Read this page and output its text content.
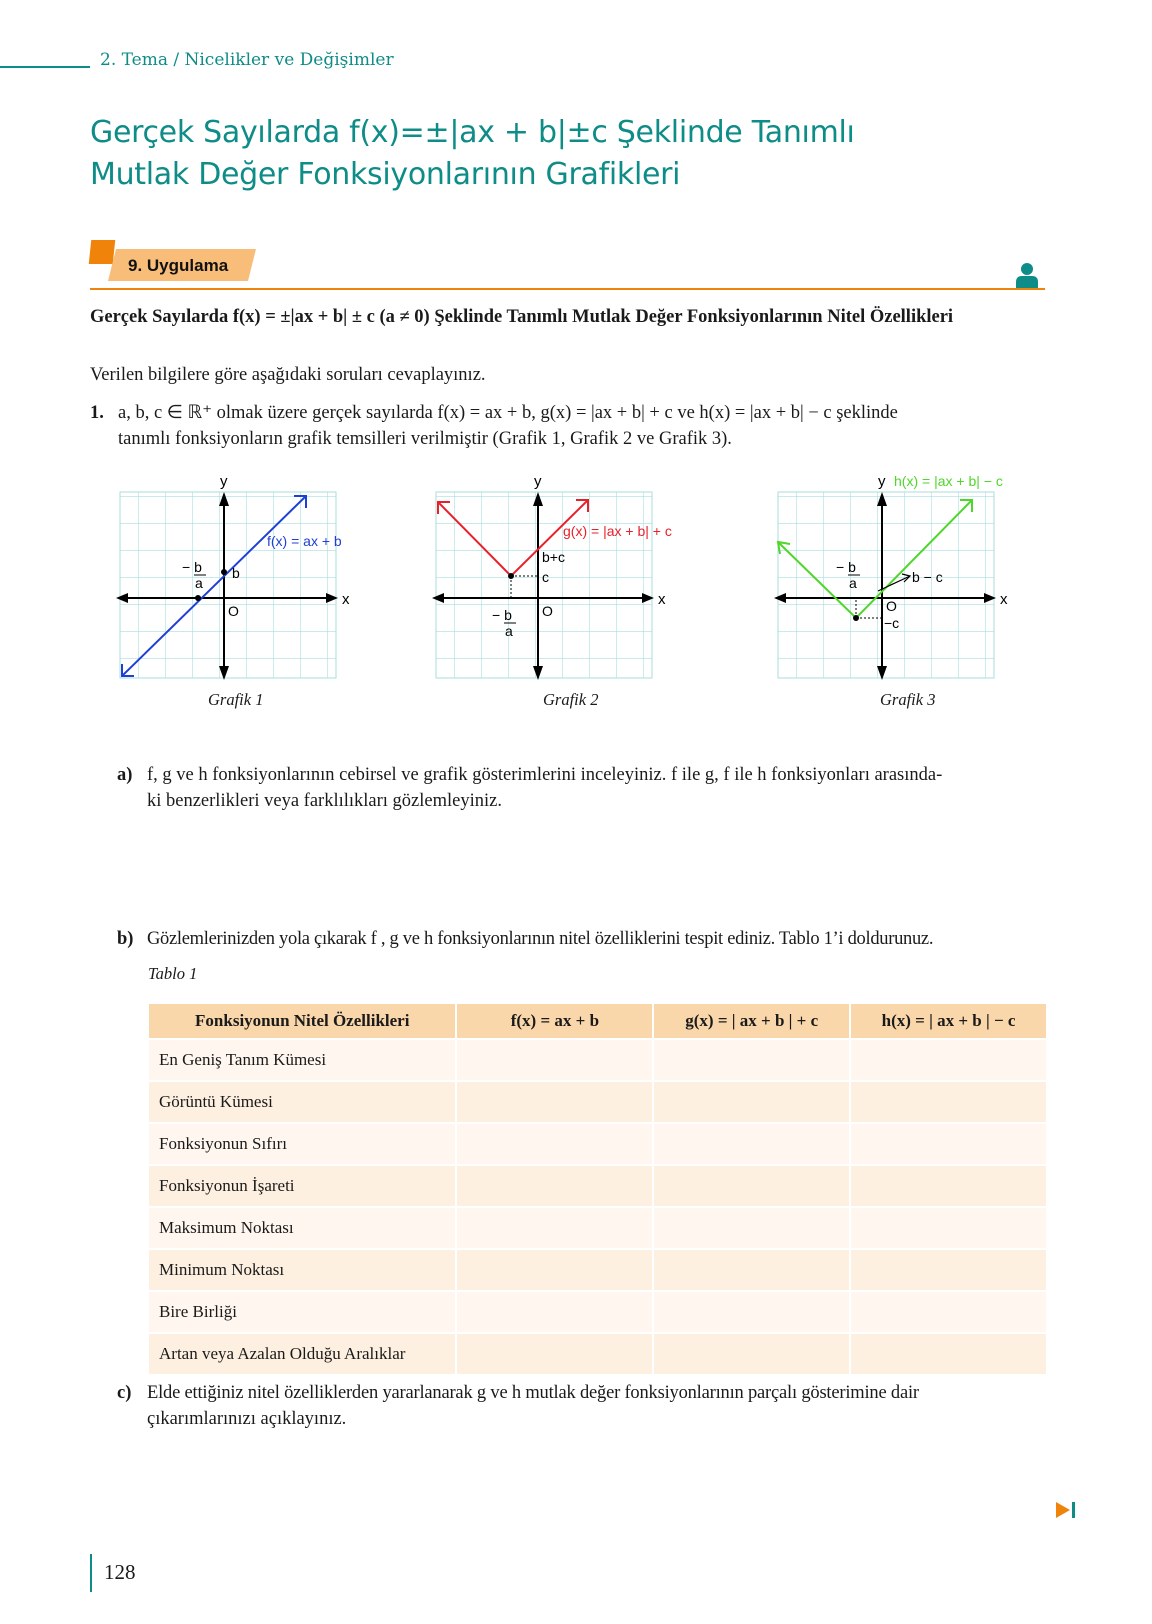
2. Tema / Nicelikler ve Değişimler
Gerçek Sayılarda f(x)=±|ax + b|±c Şeklinde Tanımlı
Mutlak Değer Fonksiyonlarının Grafikleri
9. Uygulama
Gerçek Sayılarda f(x) = ±|ax + b| ± c (a ≠ 0) Şeklinde Tanımlı Mutlak Değer Fonksiyonlarının Nitel Özellikleri
Verilen bilgilere göre aşağıdaki soruları cevaplayınız.
1. a, b, c ∈ ℝ⁺ olmak üzere gerçek sayılarda f(x) = ax + b, g(x) = |ax + b| + c ve h(x) = |ax + b| − c şeklinde
tanımlı fonksiyonların grafik temsilleri verilmiştir (Grafik 1, Grafik 2 ve Grafik 3).
y
x
O
b
− b
a
f(x) = ax + b
y
x
O
c
b+c
− b
a
g(x) = |ax + b| + c
y
x
O
−c
b − c
− b
a
h(x) = |ax + b| − c
Grafik 1	Grafik 2	Grafik 3
a) f, g ve h fonksiyonlarının cebirsel ve grafik gösterimlerini inceleyiniz. f ile g, f ile h fonksiyonları arasında-
ki benzerlikleri veya farklılıkları gözlemleyiniz.
b) Gözlemlerinizden yola çıkarak f , g ve h fonksiyonlarının nitel özelliklerini tespit ediniz. Tablo 1’i doldurunuz.
Tablo 1
Fonksiyonun Nitel Özellikleri	f(x) = ax + b	g(x) = | ax + b | + c	h(x) = | ax + b | − c
En Geniş Tanım Kümesi			
Görüntü Kümesi			
Fonksiyonun Sıfırı			
Fonksiyonun İşareti			
Maksimum Noktası			
Minimum Noktası			
Bire Birliği			
Artan veya Azalan Olduğu Aralıklar			
c) Elde ettiğiniz nitel özelliklerden yararlanarak g ve h mutlak değer fonksiyonlarının parçalı gösterimine dair
çıkarımlarınızı açıklayınız.
128
